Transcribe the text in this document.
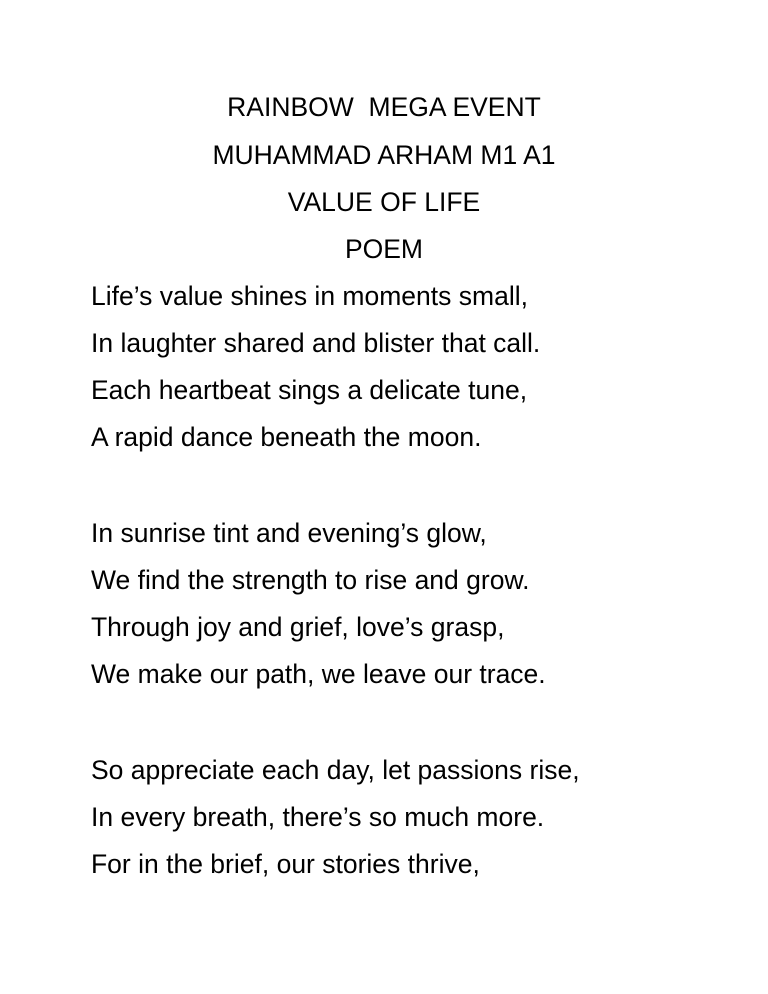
RAINBOW  MEGA EVENT
MUHAMMAD ARHAM M1 A1
VALUE OF LIFE
POEM
Life’s value shines in moments small,
In laughter shared and blister that call.
Each heartbeat sings a delicate tune,
A rapid dance beneath the moon.
In sunrise tint and evening’s glow,
We find the strength to rise and grow.
Through joy and grief, love’s grasp,
We make our path, we leave our trace.
So appreciate each day, let passions rise,
In every breath, there’s so much more.
For in the brief, our stories thrive,
